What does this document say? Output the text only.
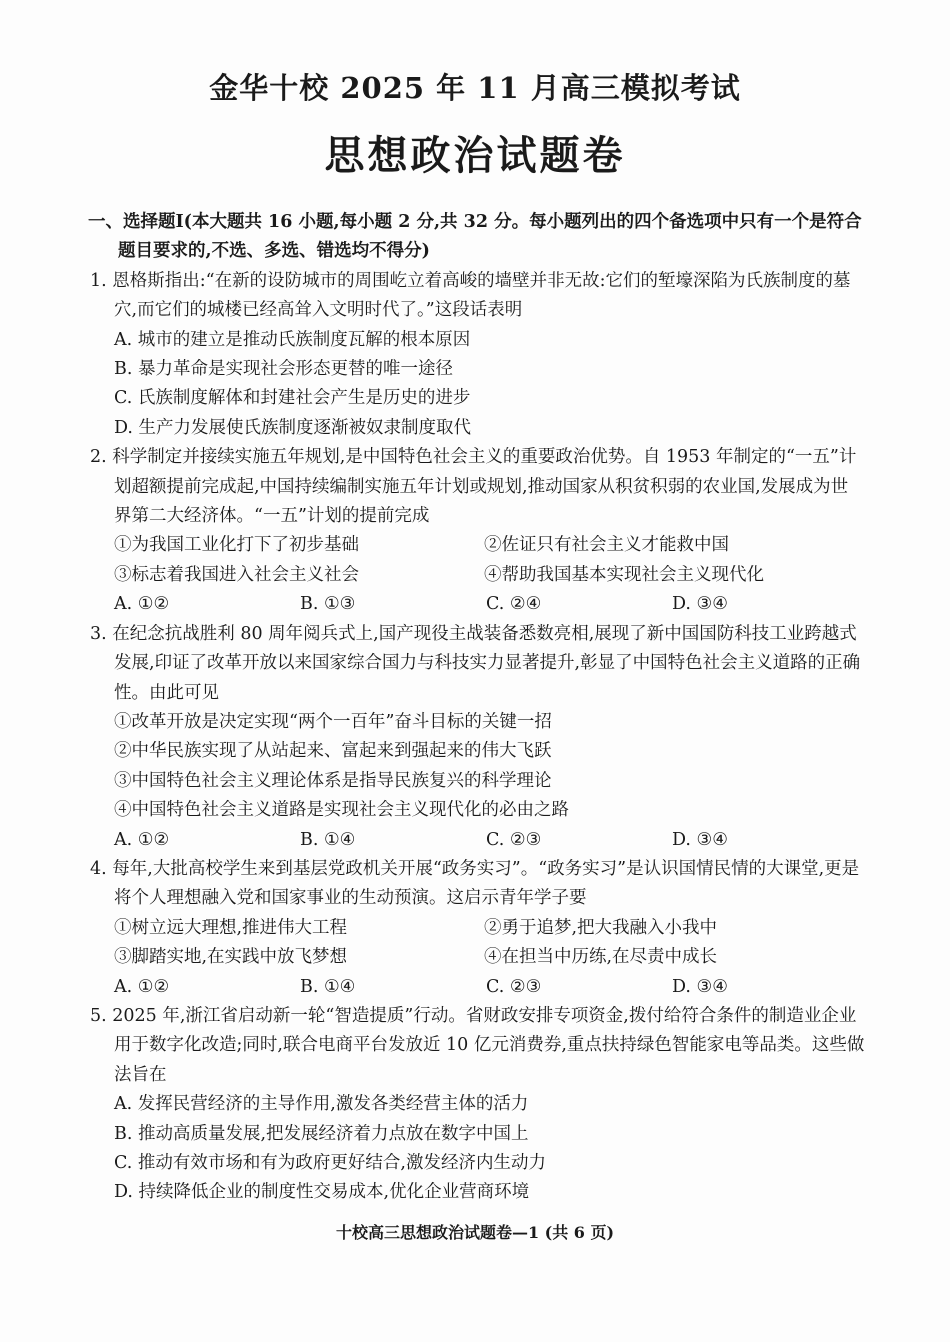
金华十校 2025 年 11 月高三模拟考试
思想政治试题卷
一、选择题Ⅰ(本大题共 16 小题,每小题 2 分,共 32 分。每小题列出的四个备选项中只有一个是符合题目要求的,不选、多选、错选均不得分)
1. 恩格斯指出:“在新的设防城市的周围屹立着高峻的墙壁并非无故:它们的堑壕深陷为氏族制度的墓穴,而它们的城楼已经高耸入文明时代了。”这段话表明
A. 城市的建立是推动氏族制度瓦解的根本原因
B. 暴力革命是实现社会形态更替的唯一途径
C. 氏族制度解体和封建社会产生是历史的进步
D. 生产力发展使氏族制度逐渐被奴隶制度取代
2. 科学制定并接续实施五年规划,是中国特色社会主义的重要政治优势。自 1953 年制定的“一五”计划超额提前完成起,中国持续编制实施五年计划或规划,推动国家从积贫积弱的农业国,发展成为世界第二大经济体。“一五”计划的提前完成
①为我国工业化打下了初步基础	②佐证只有社会主义才能救中国
③标志着我国进入社会主义社会	④帮助我国基本实现社会主义现代化
A. ①②	B. ①③	C. ②④	D. ③④
3. 在纪念抗战胜利 80 周年阅兵式上,国产现役主战装备悉数亮相,展现了新中国国防科技工业跨越式发展,印证了改革开放以来国家综合国力与科技实力显著提升,彰显了中国特色社会主义道路的正确性。由此可见
①改革开放是决定实现“两个一百年”奋斗目标的关键一招
②中华民族实现了从站起来、富起来到强起来的伟大飞跃
③中国特色社会主义理论体系是指导民族复兴的科学理论
④中国特色社会主义道路是实现社会主义现代化的必由之路
A. ①②	B. ①④	C. ②③	D. ③④
4. 每年,大批高校学生来到基层党政机关开展“政务实习”。“政务实习”是认识国情民情的大课堂,更是将个人理想融入党和国家事业的生动预演。这启示青年学子要
①树立远大理想,推进伟大工程	②勇于追梦,把大我融入小我中
③脚踏实地,在实践中放飞梦想	④在担当中历练,在尽责中成长
A. ①②	B. ①④	C. ②③	D. ③④
5. 2025 年,浙江省启动新一轮“智造提质”行动。省财政安排专项资金,拨付给符合条件的制造业企业用于数字化改造;同时,联合电商平台发放近 10 亿元消费券,重点扶持绿色智能家电等品类。这些做法旨在
A. 发挥民营经济的主导作用,激发各类经营主体的活力
B. 推动高质量发展,把发展经济着力点放在数字中国上
C. 推动有效市场和有为政府更好结合,激发经济内生动力
D. 持续降低企业的制度性交易成本,优化企业营商环境
十校高三思想政治试题卷—1 (共 6 页)
